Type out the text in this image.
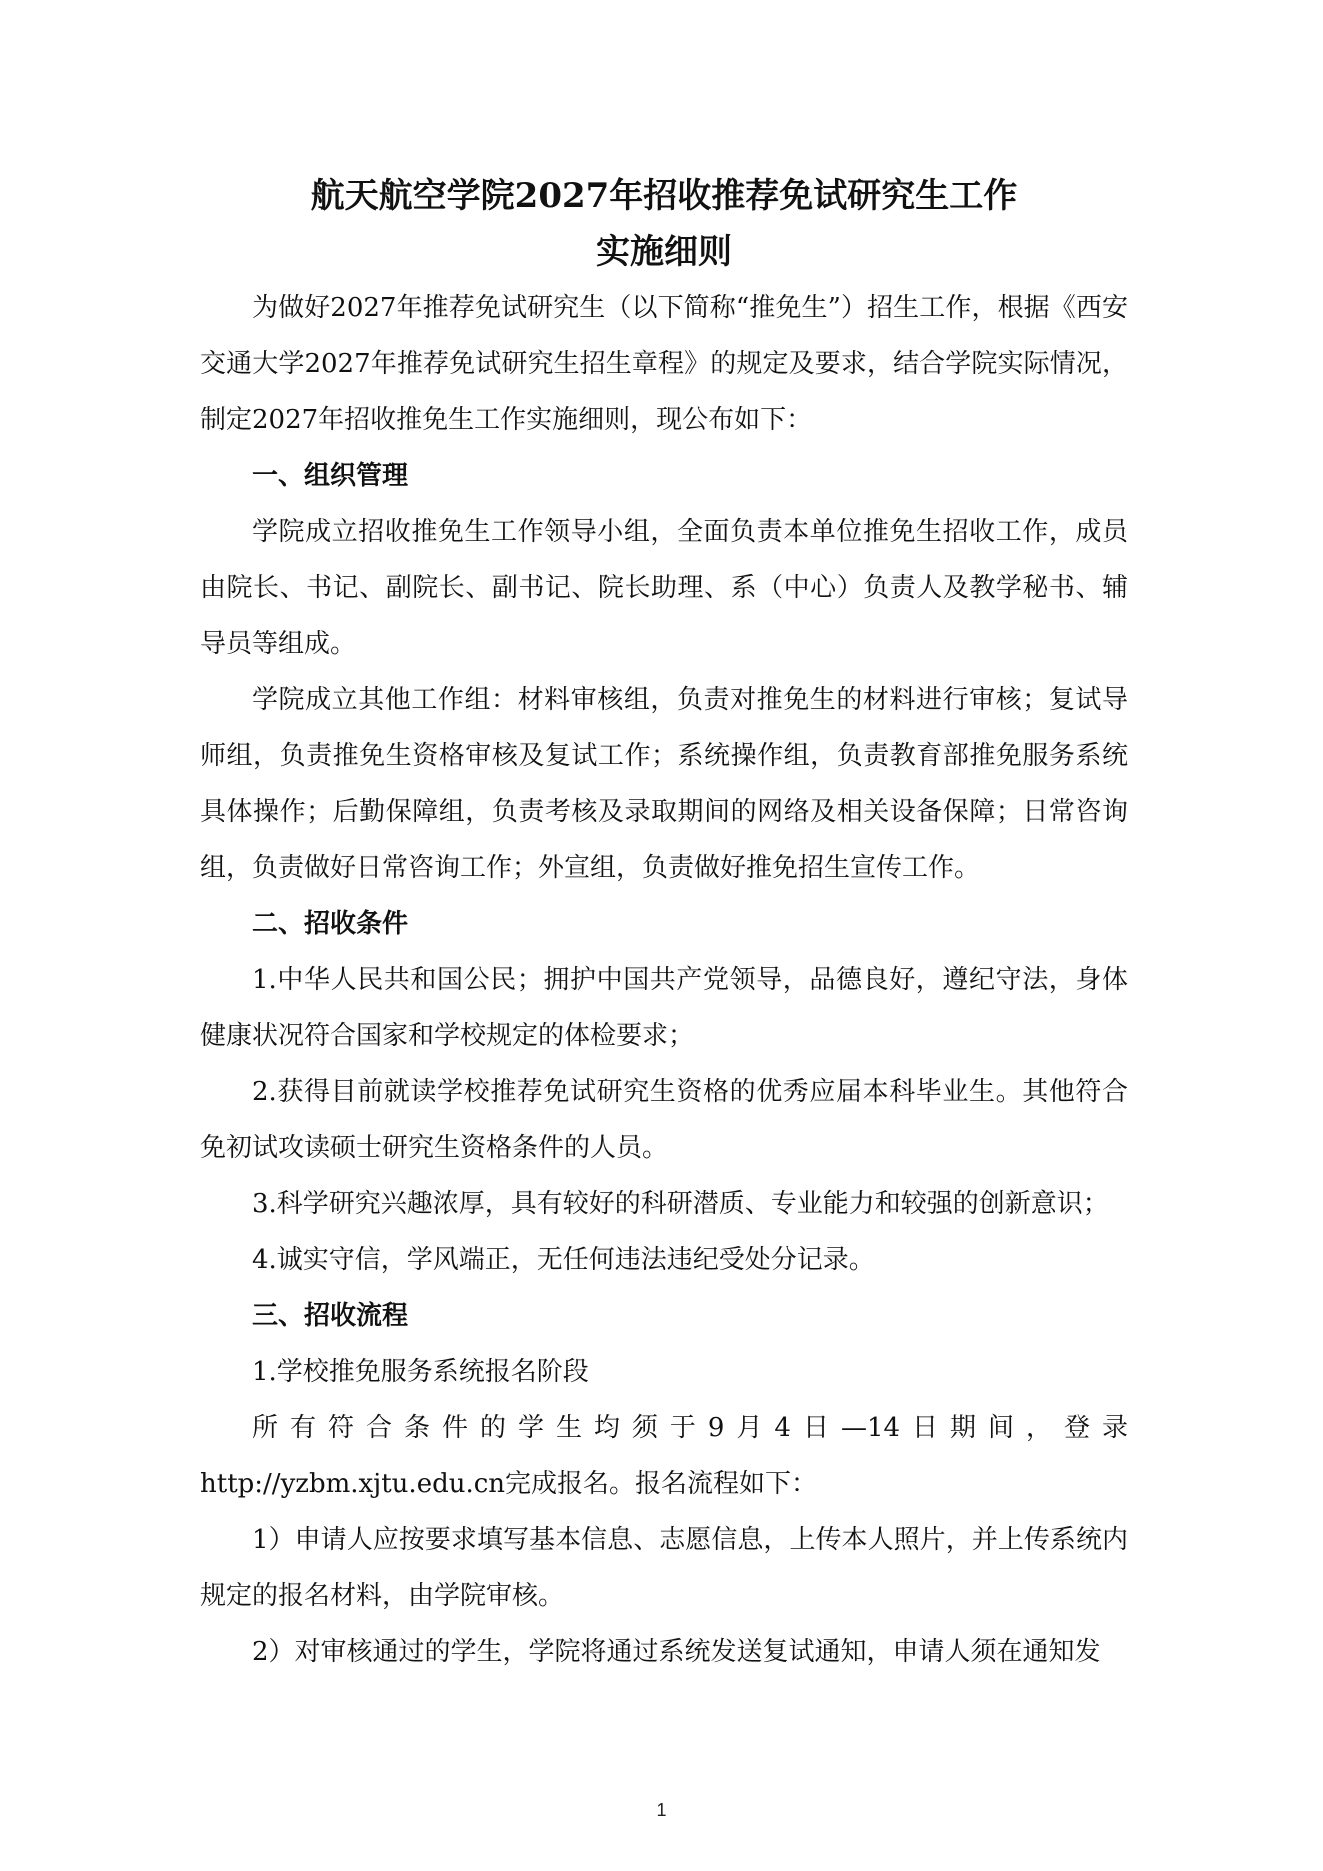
航天航空学院2027年招收推荐免试研究生工作
实施细则

为做好2027年推荐免试研究生（以下简称“推免生”）招生工作，根据《西安交通大学2027年推荐免试研究生招生章程》的规定及要求，结合学院实际情况，制定2027年招收推免生工作实施细则，现公布如下：

一、组织管理

学院成立招收推免生工作领导小组，全面负责本单位推免生招收工作，成员由院长、书记、副院长、副书记、院长助理、系（中心）负责人及教学秘书、辅导员等组成。

学院成立其他工作组：材料审核组，负责对推免生的材料进行审核；复试导师组，负责推免生资格审核及复试工作；系统操作组，负责教育部推免服务系统具体操作；后勤保障组，负责考核及录取期间的网络及相关设备保障；日常咨询组，负责做好日常咨询工作；外宣组，负责做好推免招生宣传工作。

二、招收条件

1.中华人民共和国公民；拥护中国共产党领导，品德良好，遵纪守法，身体健康状况符合国家和学校规定的体检要求；

2.获得目前就读学校推荐免试研究生资格的优秀应届本科毕业生。其他符合免初试攻读硕士研究生资格条件的人员。

3.科学研究兴趣浓厚，具有较好的科研潜质、专业能力和较强的创新意识；

4.诚实守信，学风端正，无任何违法违纪受处分记录。

三、招收流程

1.学校推免服务系统报名阶段

所有符合条件的学生均须于9月4日—14日期间，登录

http://yzbm.xjtu.edu.cn完成报名。报名流程如下：

1）申请人应按要求填写基本信息、志愿信息，上传本人照片，并上传系统内规定的报名材料，由学院审核。

2）对审核通过的学生，学院将通过系统发送复试通知，申请人须在通知发

1
